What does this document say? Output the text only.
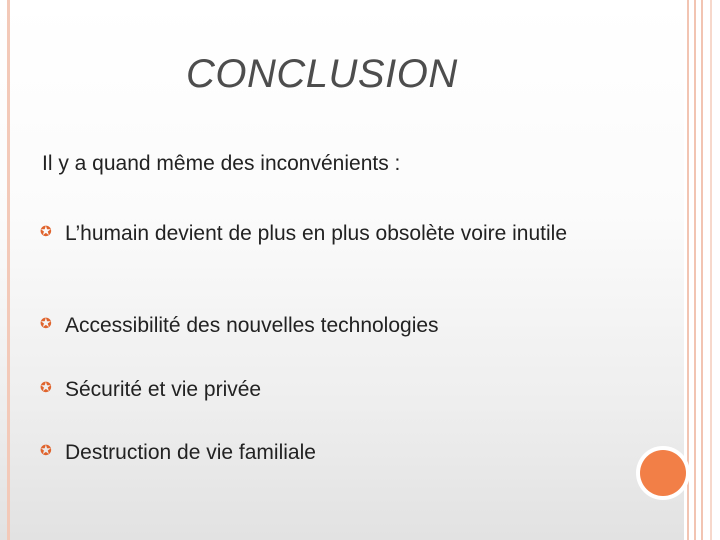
CONCLUSION

Il y a quand même des inconvénients :

✪ L’humain devient de plus en plus obsolète voire inutile
✪ Accessibilité des nouvelles technologies
✪ Sécurité et vie privée
✪ Destruction de vie familiale
